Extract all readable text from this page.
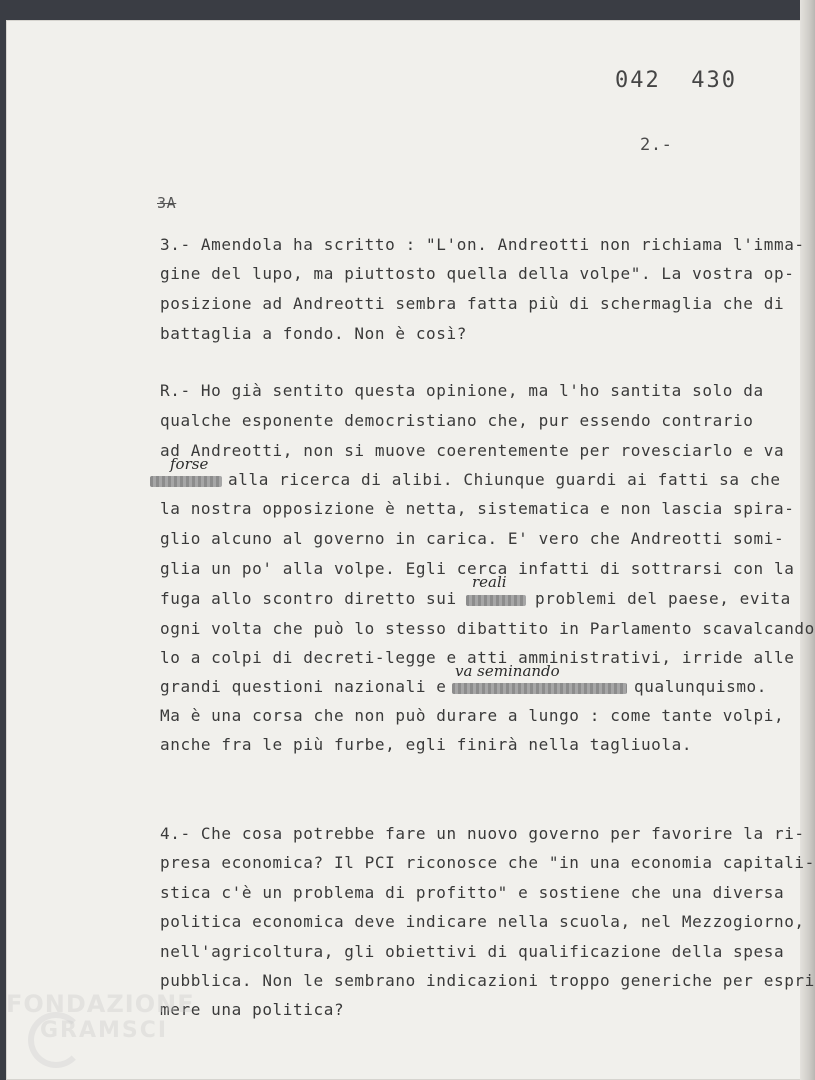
042  430

2.-

3A

3.- Amendola ha scritto : "L'on. Andreotti non richiama l'imma-

gine del lupo, ma piuttosto quella della volpe". La vostra op-

posizione ad Andreotti sembra fatta più di schermaglia che di

battaglia a fondo. Non è così?

R.- Ho già sentito questa opinione, ma l'ho santita solo da

qualche esponente democristiano che, pur essendo contrario

ad Andreotti, non si muove coerentemente per rovesciarlo e va

forse

alla ricerca di alibi. Chiunque guardi ai fatti sa che

la nostra opposizione è netta, sistematica e non lascia spira-

glio alcuno al governo in carica. E' vero che Andreotti somi-

glia un po' alla volpe. Egli cerca infatti di sottrarsi con la

fuga allo scontro diretto sui

reali

problemi del paese, evita

ogni volta che può lo stesso dibattito in Parlamento scavalcando

lo a colpi di decreti-legge e atti amministrativi, irride alle

grandi questioni nazionali e

va seminando

qualunquismo.

Ma è una corsa che non può durare a lungo : come tante volpi,

anche fra le più furbe, egli finirà nella tagliuola.

4.- Che cosa potrebbe fare un nuovo governo per favorire la ri-

presa economica? Il PCI riconosce che "in una economia capitali-

stica c'è un problema di profitto" e sostiene che una diversa

politica economica deve indicare nella scuola, nel Mezzogiorno,

nell'agricoltura, gli obiettivi di qualificazione della spesa

pubblica. Non le sembrano indicazioni troppo generiche per espri

mere una politica?

FONDAZIONE

GRAMSCI
